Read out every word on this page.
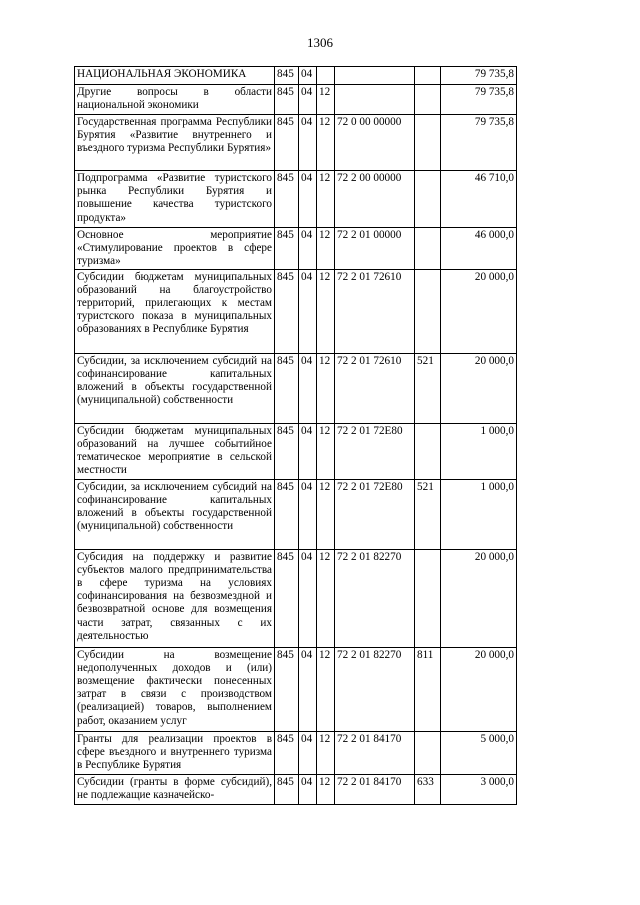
1306
НАЦИОНАЛЬНАЯ ЭКОНОМИКА	845	04				79 735,8
Другие вопросы в области национальной экономики	845	04	12			79 735,8
Государственная программа Республики Бурятия «Развитие внутреннего и въездного туризма Республики Бурятия»	845	04	12	72 0 00 00000		79 735,8
Подпрограмма «Развитие туристского рынка Республики Бурятия и повышение качества туристского продукта»	845	04	12	72 2 00 00000		46 710,0
Основное мероприятие «Стимулирование проектов в сфере туризма»	845	04	12	72 2 01 00000		46 000,0
Субсидии бюджетам муниципальных образований на благоустройство территорий, прилегающих к местам туристского показа в муниципальных образованиях в Республике Бурятия	845	04	12	72 2 01 72610		20 000,0
Субсидии, за исключением субсидий на софинансирование капитальных вложений в объекты государственной (муниципальной) собственности	845	04	12	72 2 01 72610	521	20 000,0
Субсидии бюджетам муниципальных образований на лучшее событийное тематическое мероприятие в сельской местности	845	04	12	72 2 01 72Е80		1 000,0
Субсидии, за исключением субсидий на софинансирование капитальных вложений в объекты государственной (муниципальной) собственности	845	04	12	72 2 01 72Е80	521	1 000,0
Субсидия на поддержку и развитие субъектов малого предпринимательства в сфере туризма на условиях софинансирования на безвозмездной и безвозвратной основе для возмещения части затрат, связанных с их деятельностью	845	04	12	72 2 01 82270		20 000,0
Субсидии на возмещение недополученных доходов и (или) возмещение фактически понесенных затрат в связи с производством (реализацией) товаров, выполнением работ, оказанием услуг	845	04	12	72 2 01 82270	811	20 000,0
Гранты для реализации проектов в сфере въездного и внутреннего туризма в Республике Бурятия	845	04	12	72 2 01 84170		5 000,0
Субсидии (гранты в форме субсидий), не подлежащие казначейско-	845	04	12	72 2 01 84170	633	3 000,0
